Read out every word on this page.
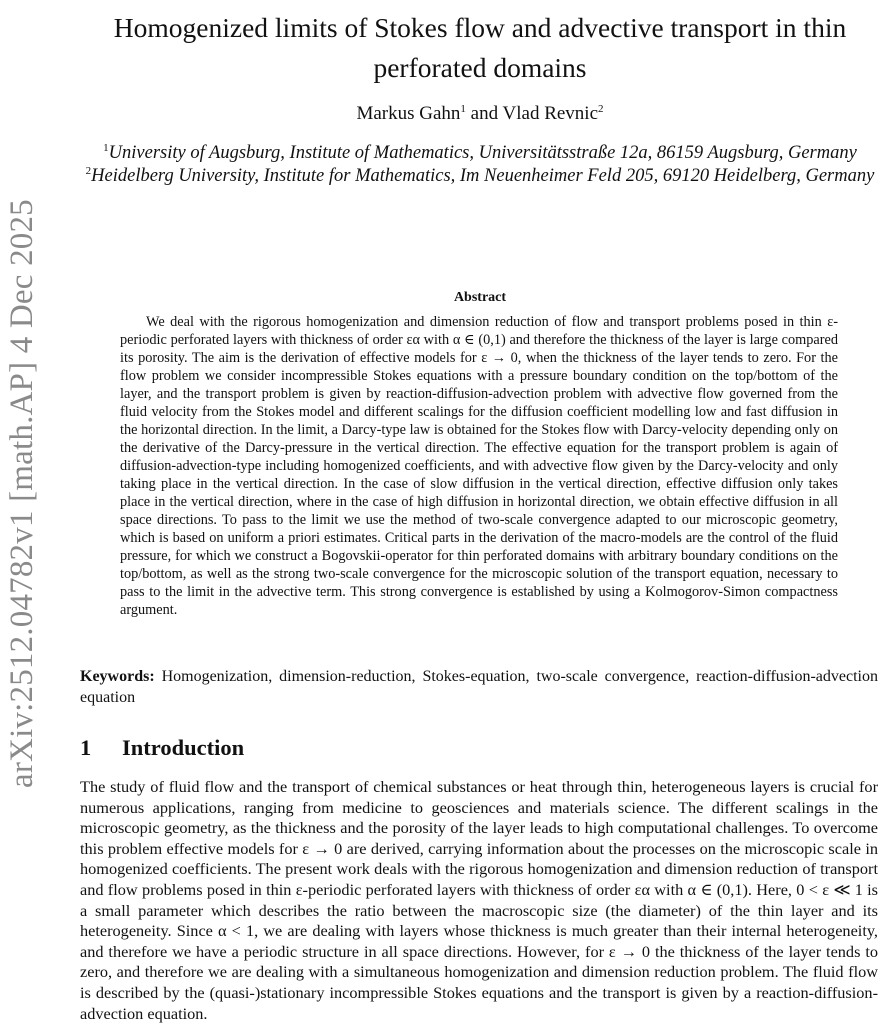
arXiv:2512.04782v1 [math.AP] 4 Dec 2025
Homogenized limits of Stokes flow and advective transport in thin perforated domains
Markus Gahn$^1$ and Vlad Revnic$^2$

$^1$University of Augsburg, Institute of Mathematics, Universitätsstraße 12a, 86159 Augsburg, Germany

$^2$Heidelberg University, Institute for Mathematics, Im Neuenheimer Feld 205, 69120 Heidelberg, Germany

Abstract

We deal with the rigorous homogenization and dimension reduction of flow and transport problems posed in thin ε-periodic perforated layers with thickness of order εα with α ∈ (0,1) and therefore the thickness of the layer is large compared its porosity. The aim is the derivation of effective models for ε → 0, when the thickness of the layer tends to zero. For the flow problem we consider incompressible Stokes equations with a pressure boundary condition on the top/bottom of the layer, and the transport problem is given by reaction-diffusion-advection problem with advective flow governed from the fluid velocity from the Stokes model and different scalings for the diffusion coefficient modelling low and fast diffusion in the horizontal direction. In the limit, a Darcy-type law is obtained for the Stokes flow with Darcy-velocity depending only on the derivative of the Darcy-pressure in the vertical direction. The effective equation for the transport problem is again of diffusion-advection-type including homogenized coefficients, and with advective flow given by the Darcy-velocity and only taking place in the vertical direction. In the case of slow diffusion in the vertical direction, effective diffusion only takes place in the vertical direction, where in the case of high diffusion in horizontal direction, we obtain effective diffusion in all space directions. To pass to the limit we use the method of two-scale convergence adapted to our microscopic geometry, which is based on uniform a priori estimates. Critical parts in the derivation of the macro-models are the control of the fluid pressure, for which we construct a Bogovskii-operator for thin perforated domains with arbitrary boundary conditions on the top/bottom, as well as the strong two-scale convergence for the microscopic solution of the transport equation, necessary to pass to the limit in the advective term. This strong convergence is established by using a Kolmogorov-Simon compactness argument.

Keywords: Homogenization, dimension-reduction, Stokes-equation, two-scale convergence, reaction-diffusion-advection equation

1 Introduction

The study of fluid flow and the transport of chemical substances or heat through thin, heterogeneous layers is crucial for numerous applications, ranging from medicine to geosciences and materials science. The different scalings in the microscopic geometry, as the thickness and the porosity of the layer leads to high computational challenges. To overcome this problem effective models for ε → 0 are derived, carrying information about the processes on the microscopic scale in homogenized coefficients. The present work deals with the rigorous homogenization and dimension reduction of transport and flow problems posed in thin ε-periodic perforated layers with thickness of order εα with α ∈ (0,1). Here, 0 < ε ≪ 1 is a small parameter which describes the ratio between the macroscopic size (the diameter) of the thin layer and its heterogeneity. Since α < 1, we are dealing with layers whose thickness is much greater than their internal heterogeneity, and therefore we have a periodic structure in all space directions. However, for ε → 0 the thickness of the layer tends to zero, and therefore we are dealing with a simultaneous homogenization and dimension reduction problem. The fluid flow is described by the (quasi-)stationary incompressible Stokes equations and the transport is given by a reaction-diffusion-advection equation.
